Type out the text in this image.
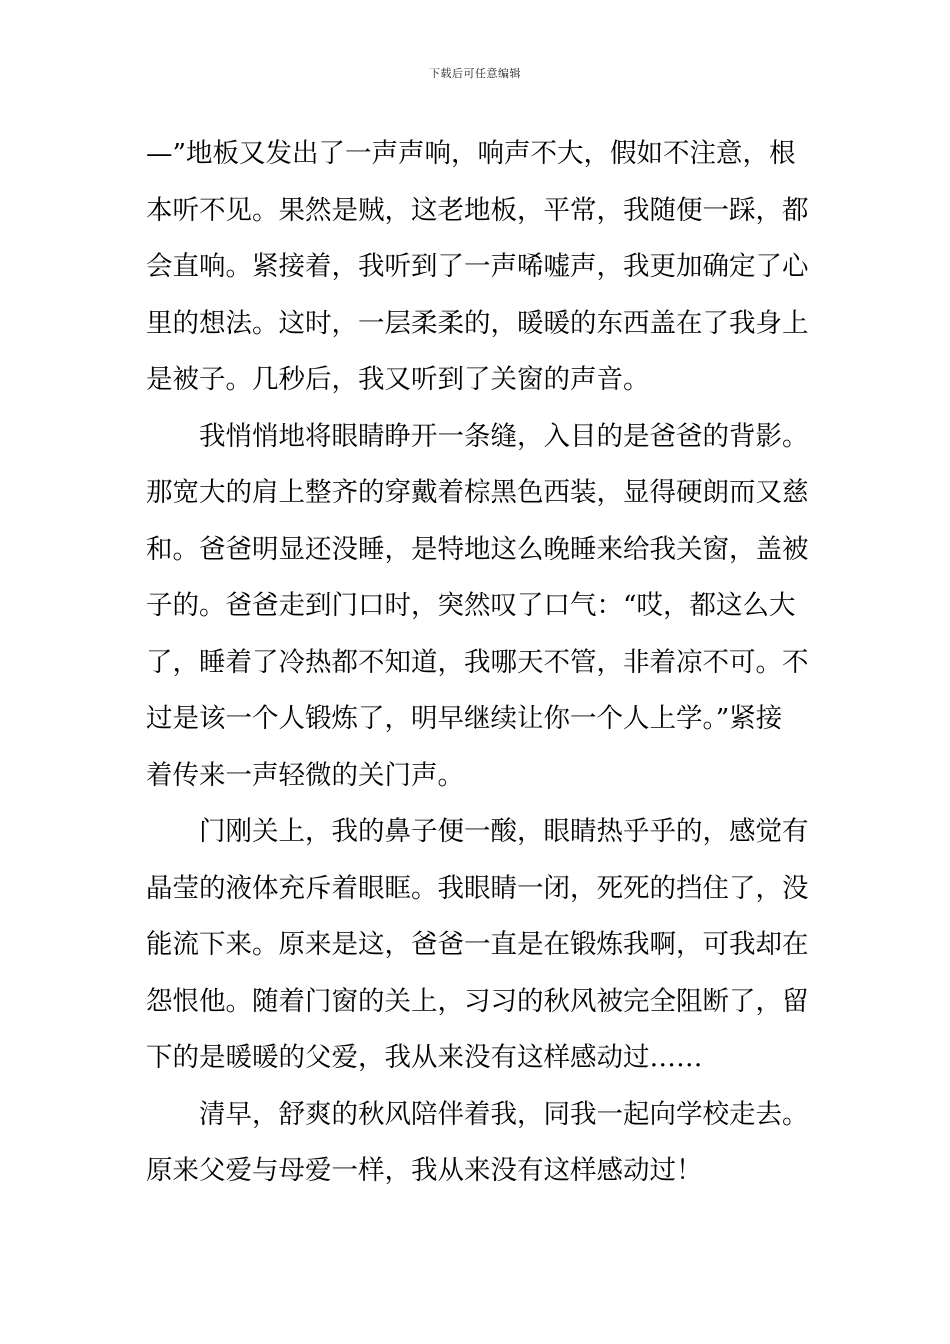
下载后可任意编辑
—”地板又发出了一声声响，响声不大，假如不注意，根
本听不见。果然是贼，这老地板，平常，我随便一踩，都
会直响。紧接着，我听到了一声唏嘘声，我更加确定了心
里的想法。这时，一层柔柔的，暖暖的东西盖在了我身上
是被子。几秒后，我又听到了关窗的声音。
我悄悄地将眼睛睁开一条缝，入目的是爸爸的背影。
那宽大的肩上整齐的穿戴着棕黑色西装，显得硬朗而又慈
和。爸爸明显还没睡，是特地这么晚睡来给我关窗，盖被
子的。爸爸走到门口时，突然叹了口气：“哎，都这么大
了，睡着了冷热都不知道，我哪天不管，非着凉不可。不
过是该一个人锻炼了，明早继续让你一个人上学。”紧接
着传来一声轻微的关门声。
门刚关上，我的鼻子便一酸，眼睛热乎乎的，感觉有
晶莹的液体充斥着眼眶。我眼睛一闭，死死的挡住了，没
能流下来。原来是这，爸爸一直是在锻炼我啊，可我却在
怨恨他。随着门窗的关上，习习的秋风被完全阻断了，留
下的是暖暖的父爱，我从来没有这样感动过……
清早，舒爽的秋风陪伴着我，同我一起向学校走去。
原来父爱与母爱一样，我从来没有这样感动过！
